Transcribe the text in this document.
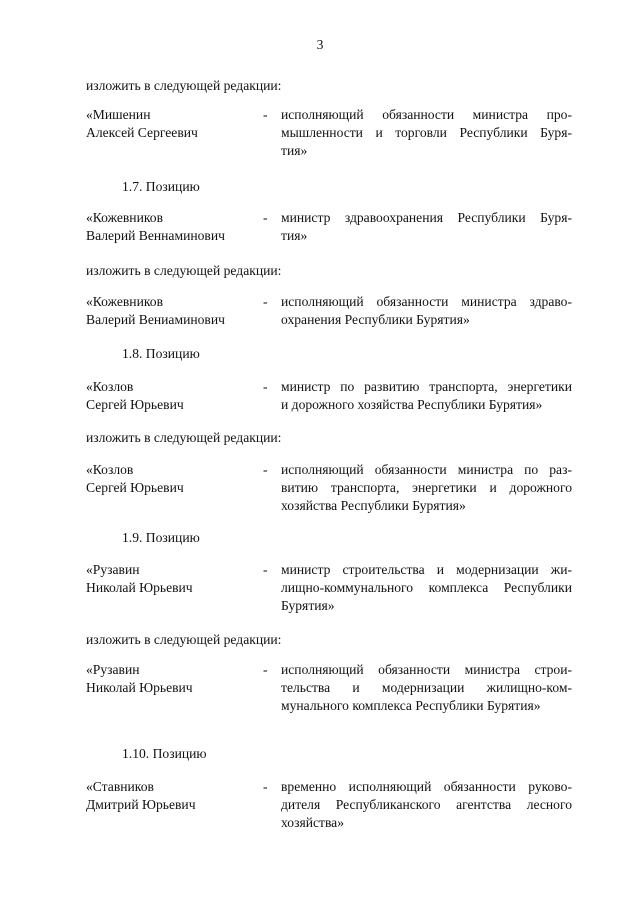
3
изложить в следующей редакции:
«Мишенин
Алексей Сергеевич
- исполняющий обязанности министра про-
мышленности и торговли Республики Буря-
тия»
1.7. Позицию
«Кожевников
Валерий Веннаминович
- министр здравоохранения Республики Буря-
тия»
изложить в следующей редакции:
«Кожевников
Валерий Вениаминович
- исполняющий обязанности министра здраво-
охранения Республики Бурятия»
1.8. Позицию
«Козлов
Сергей Юрьевич
- министр по развитию транспорта, энергетики
и дорожного хозяйства Республики Бурятия»
изложить в следующей редакции:
«Козлов
Сергей Юрьевич
- исполняющий обязанности министра по раз-
витию транспорта, энергетики и дорожного
хозяйства Республики Бурятия»
1.9. Позицию
«Рузавин
Николай Юрьевич
- министр строительства и модернизации жи-
лищно-коммунального комплекса Республики
Бурятия»
изложить в следующей редакции:
«Рузавин
Николай Юрьевич
- исполняющий обязанности министра строи-
тельства и модернизации жилищно-ком-
мунального комплекса Республики Бурятия»
1.10. Позицию
«Ставников
Дмитрий Юрьевич
- временно исполняющий обязанности руково-
дителя Республиканского агентства лесного
хозяйства»
